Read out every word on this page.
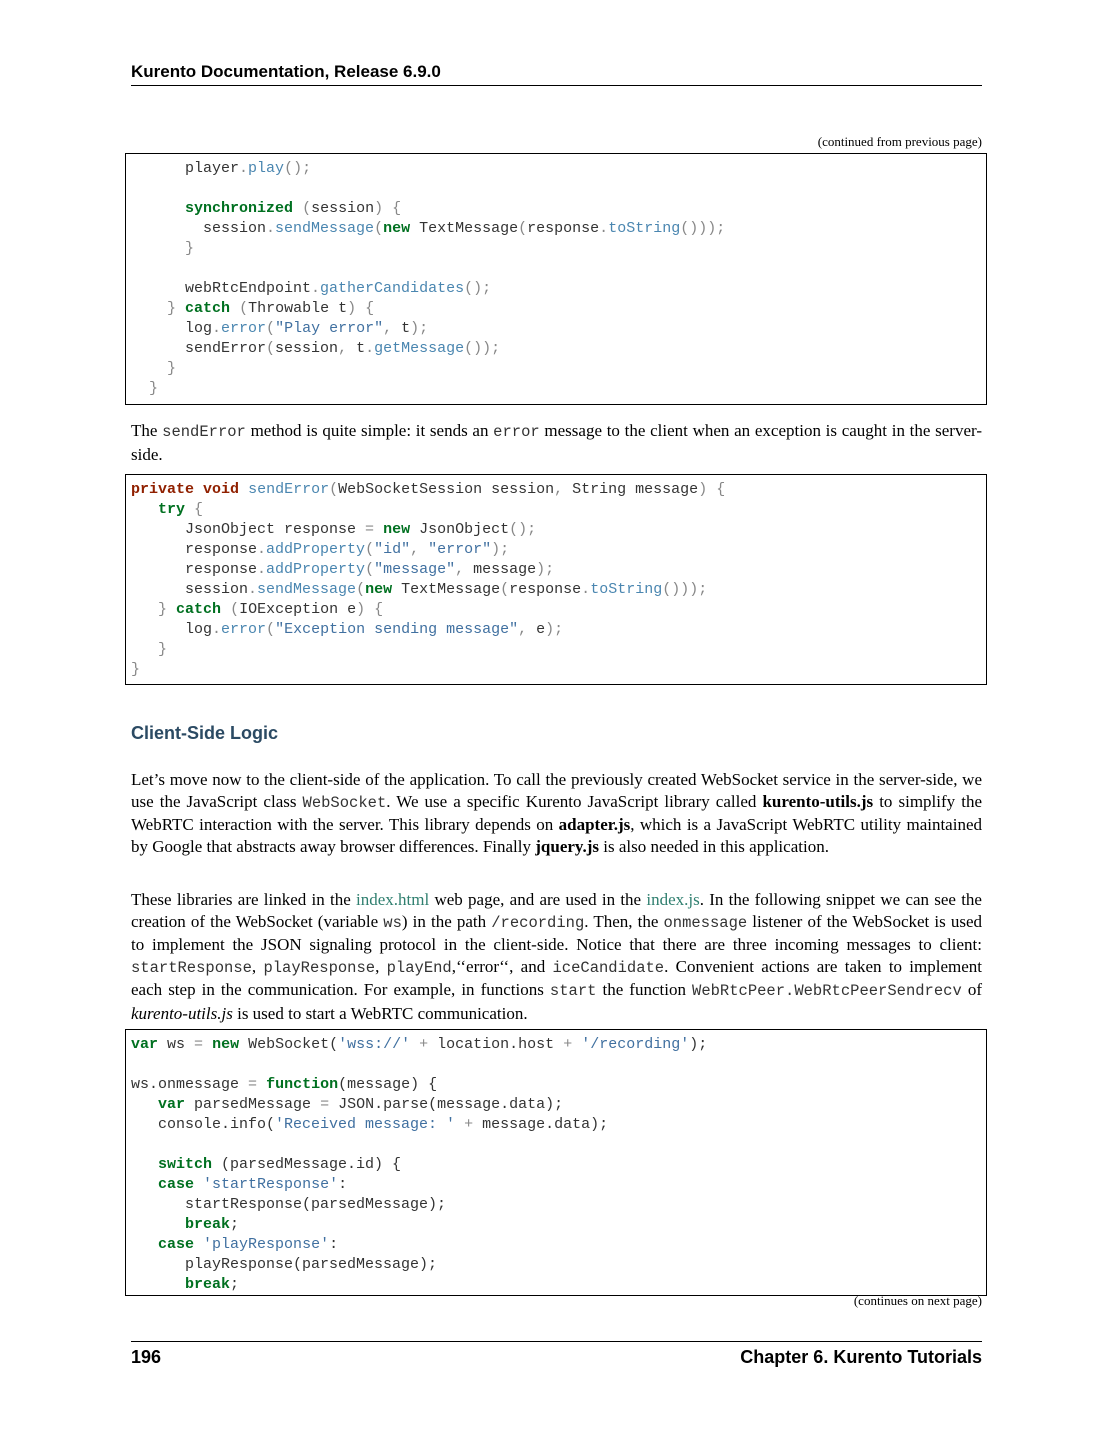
Kurento Documentation, Release 6.9.0
(continued from previous page)
player.play();

synchronized (session) {
session.sendMessage(new TextMessage(response.toString()));
}

webRtcEndpoint.gatherCandidates();
} catch (Throwable t) {
log.error("Play error", t);
sendError(session, t.getMessage());
}
}
The sendError method is quite simple: it sends an error message to the client when an exception is caught in the server-side.
private void sendError(WebSocketSession session, String message) {
try {
JsonObject response = new JsonObject();
response.addProperty("id", "error");
response.addProperty("message", message);
session.sendMessage(new TextMessage(response.toString()));
} catch (IOException e) {
log.error("Exception sending message", e);
}
}
Client-Side Logic
Let’s move now to the client-side of the application. To call the previously created WebSocket service in the server-side, we use the JavaScript class WebSocket. We use a specific Kurento JavaScript library called kurento-utils.js to simplify the WebRTC interaction with the server. This library depends on adapter.js, which is a JavaScript WebRTC utility maintained by Google that abstracts away browser differences. Finally jquery.js is also needed in this application.
These libraries are linked in the index.html web page, and are used in the index.js. In the following snippet we can see the creation of the WebSocket (variable ws) in the path /recording. Then, the onmessage listener of the WebSocket is used to implement the JSON signaling protocol in the client-side. Notice that there are three incoming messages to client: startResponse, playResponse, playEnd,‘‘error‘‘, and iceCandidate. Convenient actions are taken to implement each step in the communication. For example, in functions start the function WebRtcPeer.WebRtcPeerSendrecv of kurento-utils.js is used to start a WebRTC communication.
var ws = new WebSocket('wss://' + location.host + '/recording');

ws.onmessage = function(message) {
var parsedMessage = JSON.parse(message.data);
console.info('Received message: ' + message.data);

switch (parsedMessage.id) {
case 'startResponse':
startResponse(parsedMessage);
break;
case 'playResponse':
playResponse(parsedMessage);
break;
(continues on next page)
196	Chapter 6. Kurento Tutorials
